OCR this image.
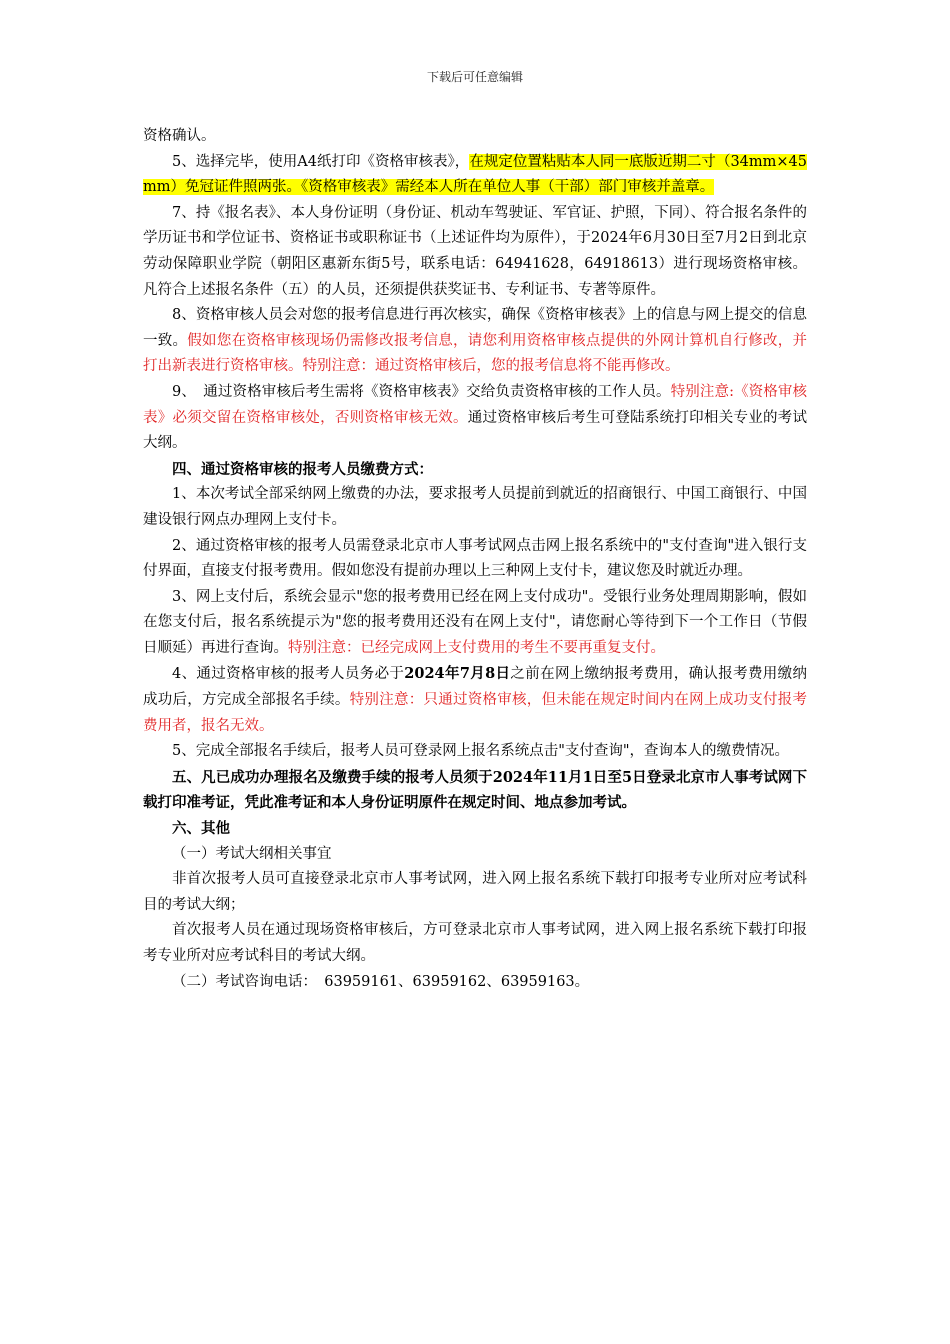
下载后可任意编辑

资格确认。

5、选择完毕，使用A4纸打印《资格审核表》，在规定位置粘贴本人同一底版近期二寸（34mm×45mm）免冠证件照两张。《资格审核表》需经本人所在单位人事（干部）部门审核并盖章。

7、持《报名表》、本人身份证明（身份证、机动车驾驶证、军官证、护照，下同）、符合报名条件的学历证书和学位证书、资格证书或职称证书（上述证件均为原件），于2024年6月30日至7月2日到北京劳动保障职业学院（朝阳区惠新东街5号，联系电话：64941628，64918613）进行现场资格审核。凡符合上述报名条件（五）的人员，还须提供获奖证书、专利证书、专著等原件。

8、资格审核人员会对您的报考信息进行再次核实，确保《资格审核表》上的信息与网上提交的信息一致。假如您在资格审核现场仍需修改报考信息，请您利用资格审核点提供的外网计算机自行修改，并打出新表进行资格审核。特别注意：通过资格审核后，您的报考信息将不能再修改。

9、　通过资格审核后考生需将《资格审核表》交给负责资格审核的工作人员。特别注意:《资格审核表》必须交留在资格审核处，否则资格审核无效。通过资格审核后考生可登陆系统打印相关专业的考试大纲。

四、通过资格审核的报考人员缴费方式：

1、本次考试全部采纳网上缴费的办法，要求报考人员提前到就近的招商银行、中国工商银行、中国建设银行网点办理网上支付卡。

2、通过资格审核的报考人员需登录北京市人事考试网点击网上报名系统中的"支付查询"进入银行支付界面，直接支付报考费用。假如您没有提前办理以上三种网上支付卡，建议您及时就近办理。

3、网上支付后，系统会显示"您的报考费用已经在网上支付成功"。受银行业务处理周期影响，假如在您支付后，报名系统提示为"您的报考费用还没有在网上支付"，请您耐心等待到下一个工作日（节假日顺延）再进行查询。特别注意：已经完成网上支付费用的考生不要再重复支付。

4、通过资格审核的报考人员务必于2024年7月8日之前在网上缴纳报考费用，确认报考费用缴纳成功后，方完成全部报名手续。特别注意：只通过资格审核，但未能在规定时间内在网上成功支付报考费用者，报名无效。

5、完成全部报名手续后，报考人员可登录网上报名系统点击"支付查询"，查询本人的缴费情况。

五、凡已成功办理报名及缴费手续的报考人员须于2024年11月1日至5日登录北京市人事考试网下载打印准考证，凭此准考证和本人身份证明原件在规定时间、地点参加考试。

六、其他

（一）考试大纲相关事宜

非首次报考人员可直接登录北京市人事考试网，进入网上报名系统下载打印报考专业所对应考试科目的考试大纲；

首次报考人员在通过现场资格审核后，方可登录北京市人事考试网，进入网上报名系统下载打印报考专业所对应考试科目的考试大纲。

（二）考试咨询电话：　63959161、63959162、63959163。
